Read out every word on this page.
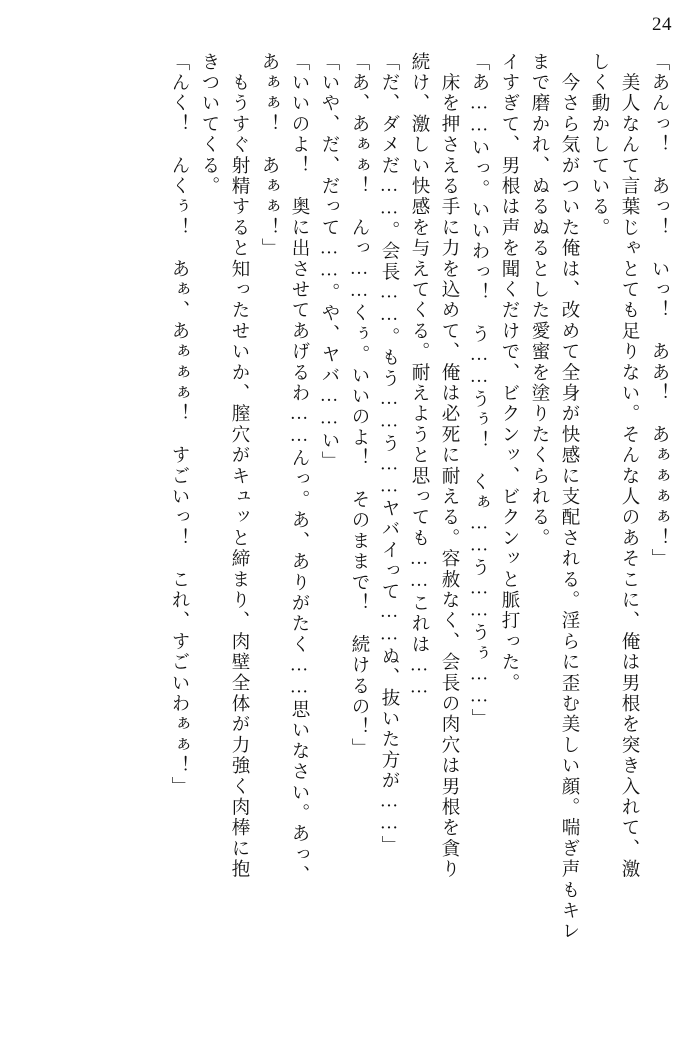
24
「あんっ！　あっ！　いっ！　ああ！　あぁぁぁぁ！」
　美人なんて言葉じゃとても足りない。そんな人のあそこに、俺は男根を突き入れて、激
しく動かしている。
　今さら気がついた俺は、改めて全身が快感に支配される。淫らに歪む美しい顔。喘ぎ声もキレ
まで磨かれ、ぬるぬるとした愛蜜を塗りたくられる。
イすぎて、男根は声を聞くだけで、ビクンッ、ビクンッと脈打った。
「あ……いっ。いいわっ！　う……うぅ！　くぁ……う……うぅ……」
　床を押さえる手に力を込めて、俺は必死に耐える。容赦なく、会長の肉穴は男根を貪り
続け、激しい快感を与えてくる。耐えようと思っても……これは……
「だ、ダメだ……。会長……。もう……う……ヤバイって……ぬ、抜いた方が……」
「あ、あぁぁ！　んっ……くぅ。いいのよ！　そのままで！　続けるの！」
「いや、だ、だって……。や、ヤバ……い」
「いいのよ！　奥に出させてあげるわ……んっ。あ、ありがたく……思いなさい。あっ、
あぁぁ！　あぁぁ！」
　もうすぐ射精すると知ったせいか、膣穴がキュッと締まり、肉壁全体が力強く肉棒に抱
きついてくる。
「んく！　んくぅ！　あぁ、あぁぁぁ！　すごいっ！　これ、すごいわぁぁ！」
